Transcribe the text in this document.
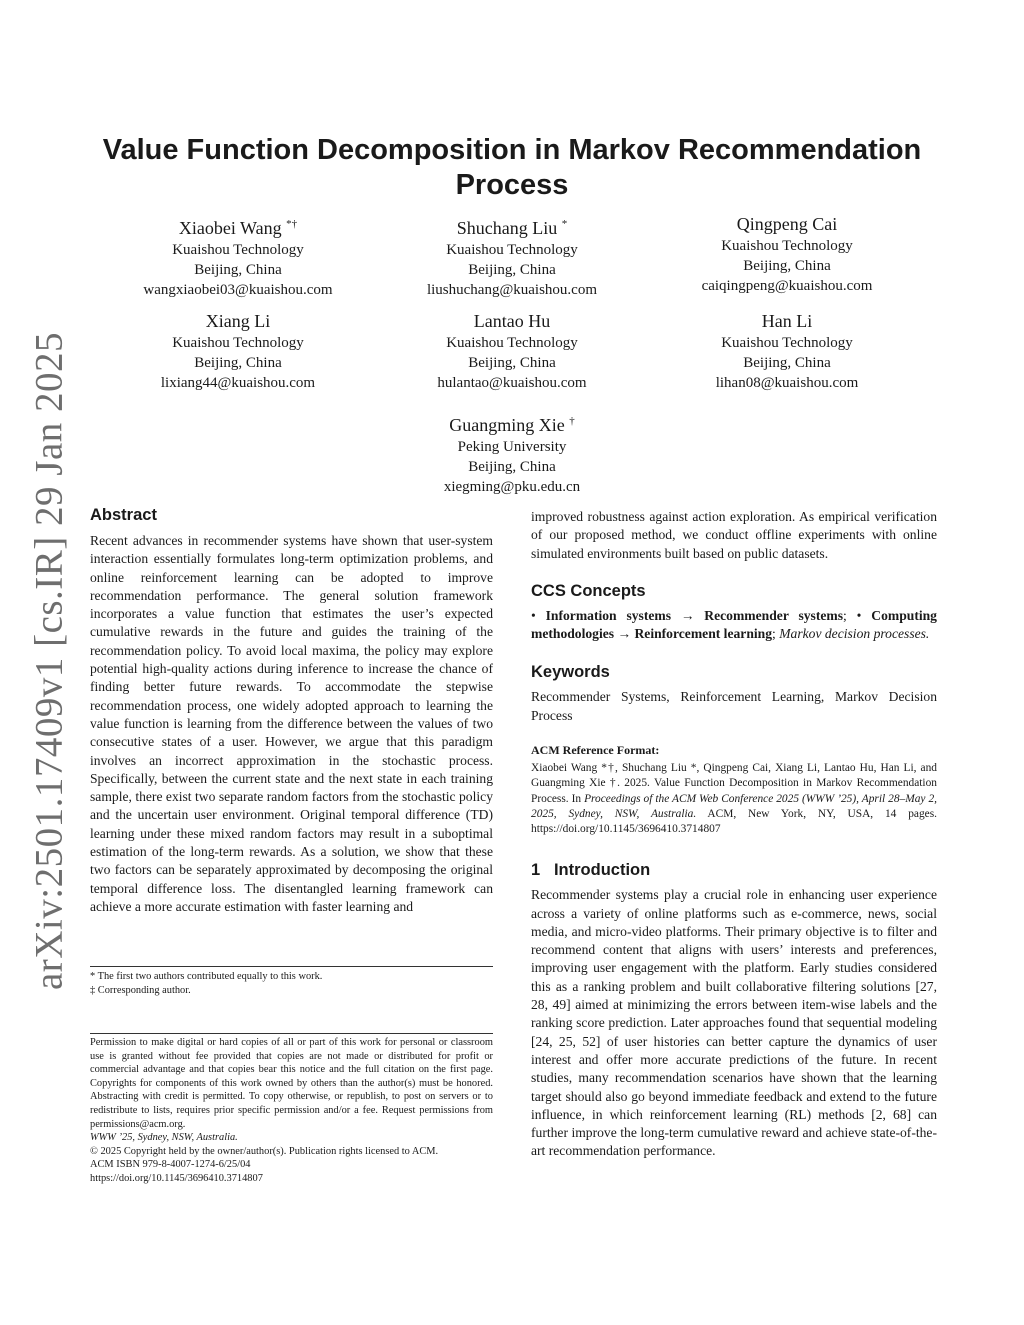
arXiv:2501.17409v1 [cs.IR] 29 Jan 2025
Value Function Decomposition in Markov Recommendation Process
Xiaobei Wang *†
Kuaishou Technology
Beijing, China
wangxiaobei03@kuaishou.com
Shuchang Liu *
Kuaishou Technology
Beijing, China
liushuchang@kuaishou.com
Qingpeng Cai
Kuaishou Technology
Beijing, China
caiqingpeng@kuaishou.com
Xiang Li
Kuaishou Technology
Beijing, China
lixiang44@kuaishou.com
Lantao Hu
Kuaishou Technology
Beijing, China
hulantao@kuaishou.com
Han Li
Kuaishou Technology
Beijing, China
lihan08@kuaishou.com
Guangming Xie †
Peking University
Beijing, China
xiegming@pku.edu.cn
Abstract

Recent advances in recommender systems have shown that user-system interaction essentially formulates long-term optimization problems, and online reinforcement learning can be adopted to improve recommendation performance. The general solution framework incorporates a value function that estimates the user’s expected cumulative rewards in the future and guides the training of the recommendation policy. To avoid local maxima, the policy may explore potential high-quality actions during inference to increase the chance of finding better future rewards. To accommodate the stepwise recommendation process, one widely adopted approach to learning the value function is learning from the difference between the values of two consecutive states of a user. However, we argue that this paradigm involves an incorrect approximation in the stochastic process. Specifically, between the current state and the next state in each training sample, there exist two separate random factors from the stochastic policy and the uncertain user environment. Original temporal difference (TD) learning under these mixed random factors may result in a suboptimal estimation of the long-term rewards. As a solution, we show that these two factors can be separately approximated by decomposing the original temporal difference loss. The disentangled learning framework can achieve a more accurate estimation with faster learning and

* The first two authors contributed equally to this work.

‡ Corresponding author.

Permission to make digital or hard copies of all or part of this work for personal or classroom use is granted without fee provided that copies are not made or distributed for profit or commercial advantage and that copies bear this notice and the full citation on the first page. Copyrights for components of this work owned by others than the author(s) must be honored. Abstracting with credit is permitted. To copy otherwise, or republish, to post on servers or to redistribute to lists, requires prior specific permission and/or a fee. Request permissions from permissions@acm.org.

WWW ’25, Sydney, NSW, Australia.

© 2025 Copyright held by the owner/author(s). Publication rights licensed to ACM.

ACM ISBN 979-8-4007-1274-6/25/04

https://doi.org/10.1145/3696410.3714807

improved robustness against action exploration. As empirical verification of our proposed method, we conduct offline experiments with online simulated environments built based on public datasets.

CCS Concepts

• Information systems → Recommender systems; • Computing methodologies → Reinforcement learning; Markov decision processes.

Keywords

Recommender Systems, Reinforcement Learning, Markov Decision Process

ACM Reference Format:

Xiaobei Wang *†, Shuchang Liu *, Qingpeng Cai, Xiang Li, Lantao Hu, Han Li, and Guangming Xie †. 2025. Value Function Decomposition in Markov Recommendation Process. In Proceedings of the ACM Web Conference 2025 (WWW ’25), April 28–May 2, 2025, Sydney, NSW, Australia. ACM, New York, NY, USA, 14 pages. https://doi.org/10.1145/3696410.3714807

1 Introduction

Recommender systems play a crucial role in enhancing user experience across a variety of online platforms such as e-commerce, news, social media, and micro-video platforms. Their primary objective is to filter and recommend content that aligns with users’ interests and preferences, improving user engagement with the platform. Early studies considered this as a ranking problem and built collaborative filtering solutions [27, 28, 49] aimed at minimizing the errors between item-wise labels and the ranking score prediction. Later approaches found that sequential modeling [24, 25, 52] of user histories can better capture the dynamics of user interest and offer more accurate predictions of the future. In recent studies, many recommendation scenarios have shown that the learning target should also go beyond immediate feedback and extend to the future influence, in which reinforcement learning (RL) methods [2, 68] can further improve the long-term cumulative reward and achieve state-of-the-art recommendation performance.
